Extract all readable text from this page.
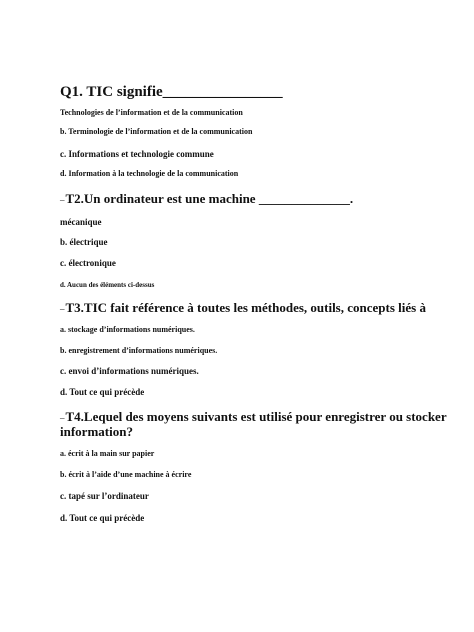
Q1. TIC signifie________________
Technologies de l’information et de la communication
b. Terminologie de l’information et de la communication
c. Informations et technologie commune
d. Information à la technologie de la communication
_T2.Un ordinateur est une machine ______________.
mécanique
b. électrique
c. électronique
d. Aucun des éléments ci-dessus
_T3.TIC fait référence à toutes les méthodes, outils, concepts liés à
a. stockage d’informations numériques.
b. enregistrement d’informations numériques.
c. envoi d’informations numériques.
d. Tout ce qui précède
_T4.Lequel des moyens suivants est utilisé pour enregistrer ou stocker
information?
a. écrit à la main sur papier
b. écrit à l’aide d’une machine à écrire
c. tapé sur l’ordinateur
d. Tout ce qui précède
